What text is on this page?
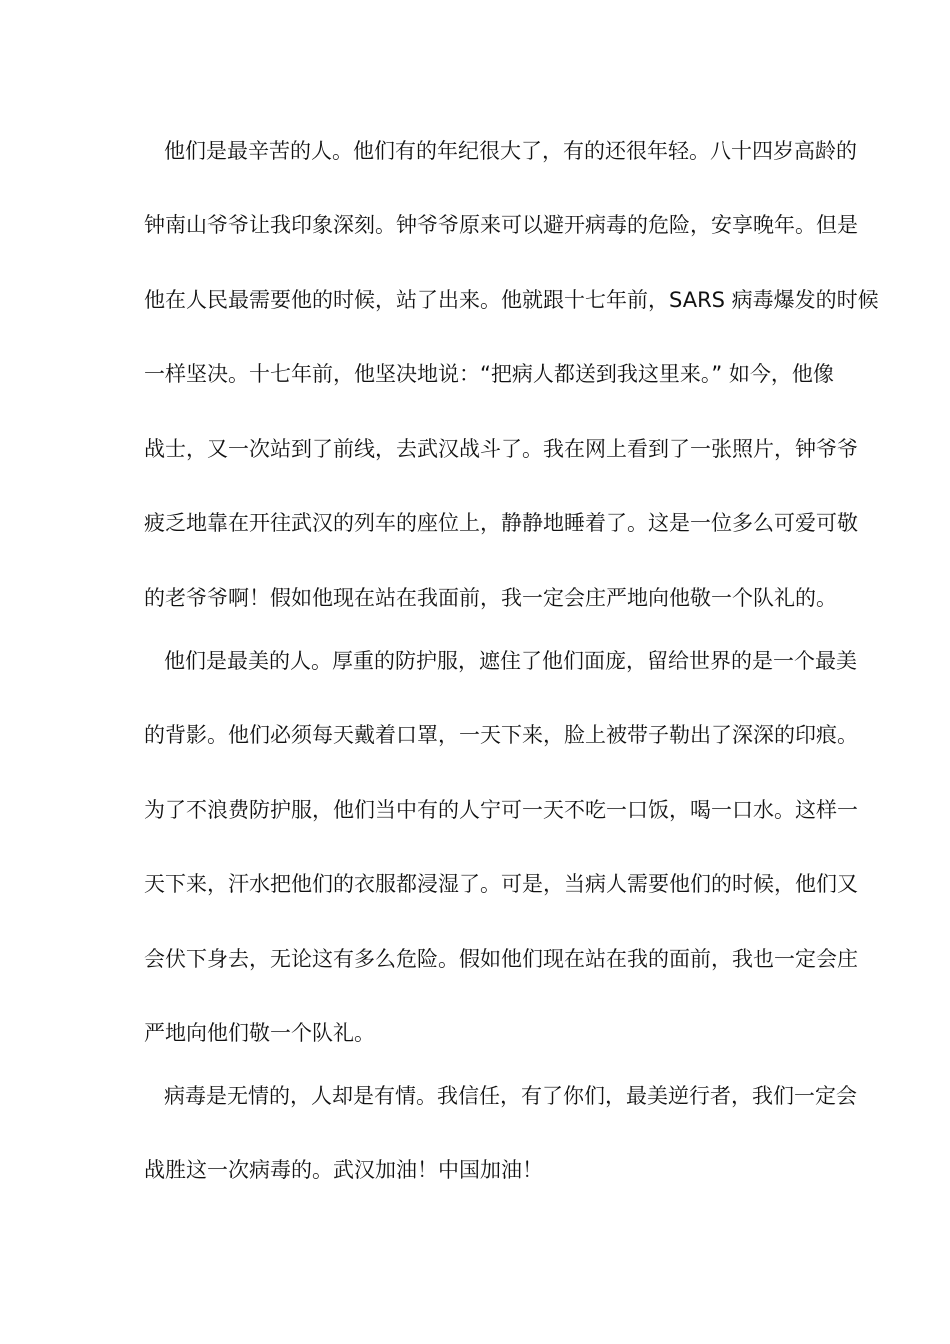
他们是最辛苦的人。他们有的年纪很大了，有的还很年轻。八十四岁高龄的
钟南山爷爷让我印象深刻。钟爷爷原来可以避开病毒的危险，安享晚年。但是
他在人民最需要他的时候，站了出来。他就跟十七年前，SARS 病毒爆发的时候
一样坚决。十七年前，他坚决地说：“把病人都送到我这里来。” 如今，他像
战士，又一次站到了前线，去武汉战斗了。我在网上看到了一张照片，钟爷爷
疲乏地靠在开往武汉的列车的座位上，静静地睡着了。这是一位多么可爱可敬
的老爷爷啊！假如他现在站在我面前，我一定会庄严地向他敬一个队礼的。
他们是最美的人。厚重的防护服，遮住了他们面庞，留给世界的是一个最美
的背影。他们必须每天戴着口罩，一天下来，脸上被带子勒出了深深的印痕。
为了不浪费防护服，他们当中有的人宁可一天不吃一口饭，喝一口水。这样一
天下来，汗水把他们的衣服都浸湿了。可是，当病人需要他们的时候，他们又
会伏下身去，无论这有多么危险。假如他们现在站在我的面前，我也一定会庄
严地向他们敬一个队礼。
病毒是无情的，人却是有情。我信任，有了你们，最美逆行者，我们一定会
战胜这一次病毒的。武汉加油！中国加油！
